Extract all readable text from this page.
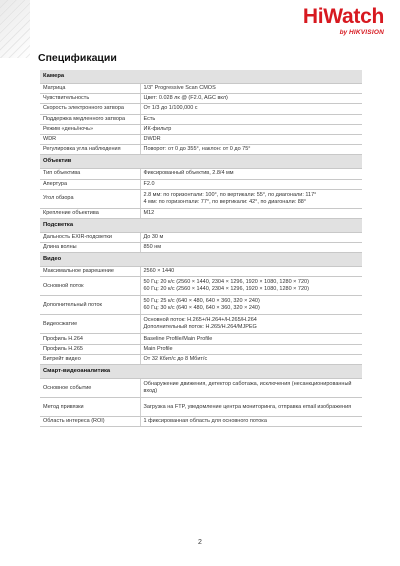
HiWatch
by HIKVISION
Спецификации
Камера	
Матрица	1/3" Progressive Scan CMOS

Чувствительность	Цвет: 0.028 лк @ (F2.0, AGC вкл)

Скорость электронного затвора	От 1/3 до 1/100,000 с

Поддержка медленного затвора	Есть

Режим «день/ночь»	ИК-фильтр

WDR	DWDR

Регулировка угла наблюдения	Поворот: от 0 до 355°, наклон: от 0 до 75°

Объектив	
Тип объектива	Фиксированный объектив, 2.8/4 мм

Апертура	F2.0

Угол обзора	2.8 мм: по горизонтали: 100°, по вертикали: 55°, по диагонали: 117°
4 мм: по горизонтали: 77°, по вертикали: 42°, по диагонали: 88°

Крепление объектива	M12

Подсветка	
Дальность EXIR-подсветки	До 30 м

Длина волны	850 нм

Видео	
Максимальное разрешение	2560 × 1440

Основной поток	50 Гц: 20 к/с (2560 × 1440, 2304 × 1296, 1920 × 1080, 1280 × 720)
60 Гц: 20 к/с (2560 × 1440, 2304 × 1296, 1920 × 1080, 1280 × 720)

Дополнительный поток	50 Гц: 25 к/с (640 × 480, 640 × 360, 320 × 240)
60 Гц: 30 к/с (640 × 480, 640 × 360, 320 × 240)

Видеосжатие	Основной поток: H.265+/H.264+/H.265/H.264
Дополнительный поток: H.265/H.264/MJPEG

Профиль H.264	Baseline Profile/Main Profile

Профиль H.265	Main Profile

Битрейт видео	От 32 Кбит/с до 8 Мбит/с

Смарт-видеоаналитика	
Основное событие	Обнаружение движения, детектор саботажа, исключения (несанкционированный вход)

Метод привязки	Загрузка на FTP, уведомление центра мониторинга, отправка email изображения

Область интереса (ROI)	1 фиксированная область для основного потока
2
